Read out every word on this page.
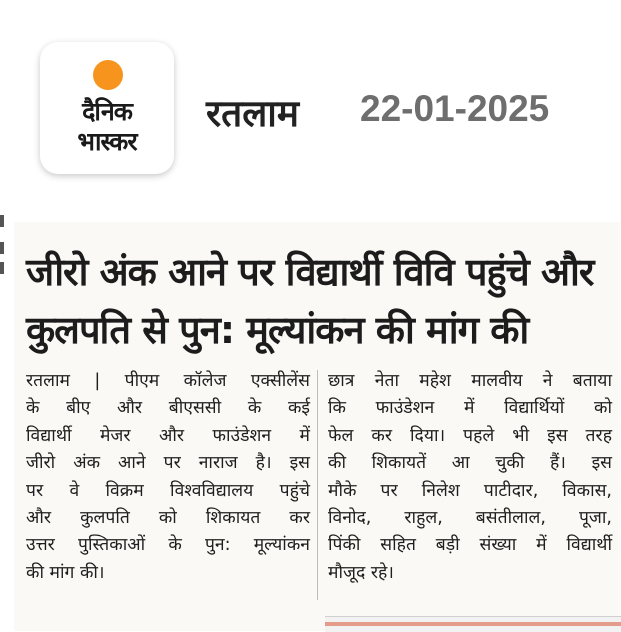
दैनिक
भास्कर
रतलाम 22-01-2025
जीरो अंक आने पर विद्यार्थी विवि पहुंचे और
कुलपति से पुन: मूल्यांकन की मांग की
रतलाम | पीएम कॉलेज एक्सीलेंस
के बीए और बीएससी के कई
विद्यार्थी मेजर और फाउंडेशन में
जीरो अंक आने पर नाराज है। इस
पर वे विक्रम विश्वविद्यालय पहुंचे
और कुलपति को शिकायत कर
उत्तर पुस्तिकाओं के पुन: मूल्यांकन
की मांग की।
छात्र नेता महेश मालवीय ने बताया
कि फाउंडेशन में विद्यार्थियों को
फेल कर दिया। पहले भी इस तरह
की शिकायतें आ चुकी हैं। इस
मौके पर निलेश पाटीदार, विकास,
विनोद, राहुल, बसंतीलाल, पूजा,
पिंकी सहित बड़ी संख्या में विद्यार्थी
मौजूद रहे।
